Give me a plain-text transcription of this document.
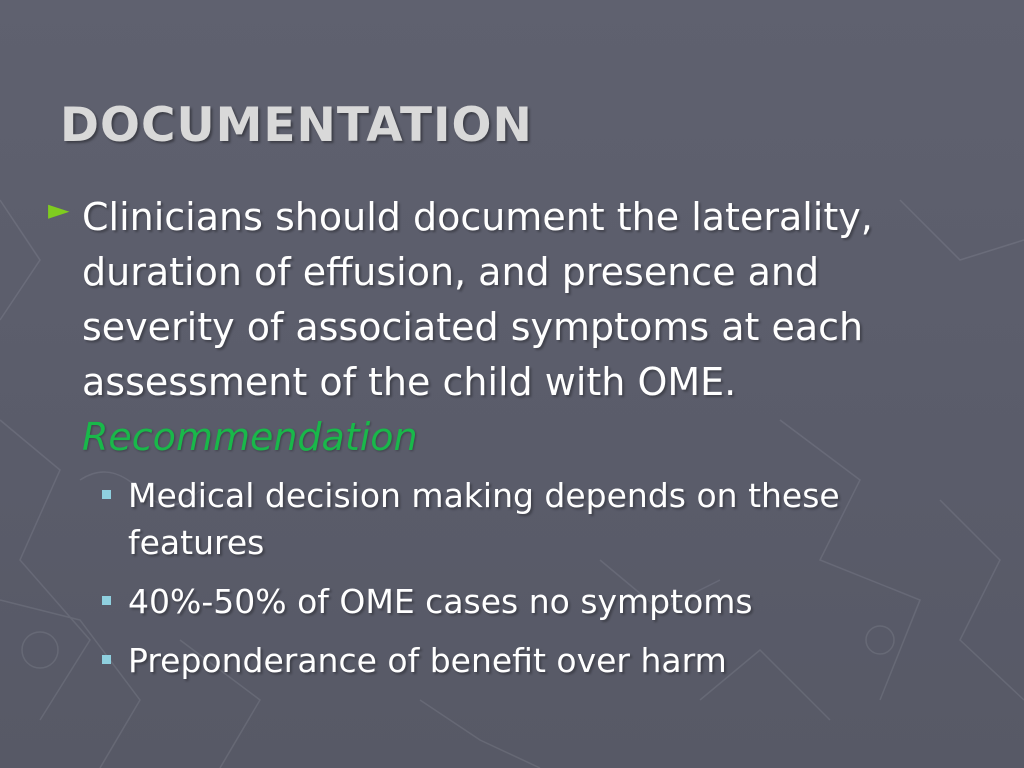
DOCUMENTATION
► Clinicians should document the laterality, duration of effusion, and presence and severity of associated symptoms at each assessment of the child with OME.
Recommendation
Medical decision making depends on these features
40%-50% of OME cases no symptoms
Preponderance of benefit over harm
